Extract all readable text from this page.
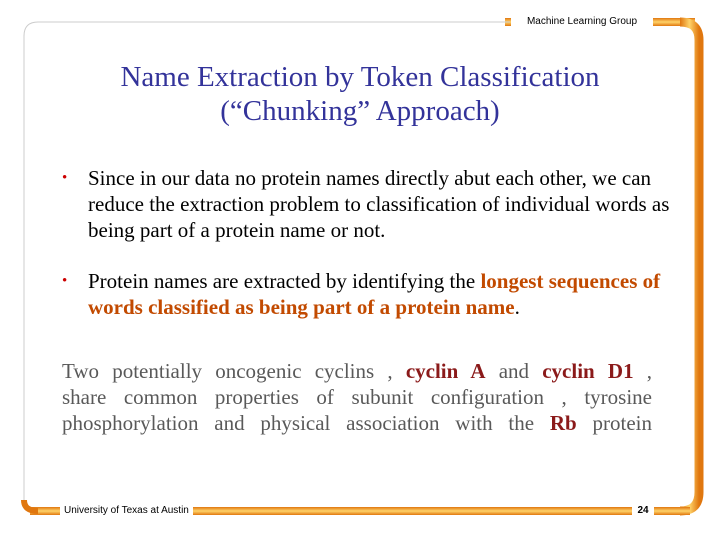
Machine Learning Group
Name Extraction by Token Classification
(“Chunking” Approach)
• Since in our data no protein names directly abut each other, we can reduce the extraction problem to classification of individual words as being part of a protein name or not.
• Protein names are extracted by identifying the longest sequences of words classified as being part of a protein name.
Two potentially oncogenic cyclins , cyclin A and cyclin D1 ,
share common properties of subunit configuration , tyrosine
phosphorylation and physical association with the Rb protein
University of Texas at Austin	24
